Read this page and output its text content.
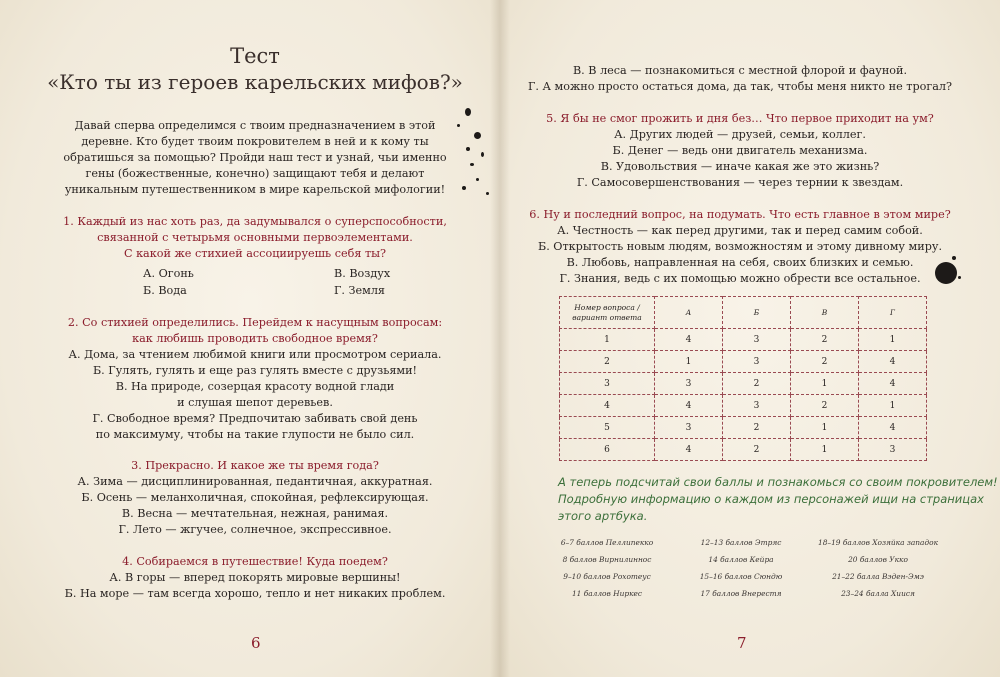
Тест
«Кто ты из героев карельских мифов?»
Давай сперва определимся с твоим предназначением в этой
деревне. Кто будет твоим покровителем в ней и к кому ты
обратишься за помощью? Пройди наш тест и узнай, чьи именно
гены (божественные, конечно) защищают тебя и делают
уникальным путешественником в мире карельской мифологии!
1. Каждый из нас хоть раз, да задумывался о суперспособности,
связанной с четырьмя основными первоэлементами.
С какой же стихией ассоциируешь себя ты?
А. Огонь	В. Воздух
Б. Вода	Г. Земля
2. Со стихией определились. Перейдем к насущным вопросам:
как любишь проводить свободное время?
А. Дома, за чтением любимой книги или просмотром сериала.
Б. Гулять, гулять и еще раз гулять вместе с друзьями!
В. На природе, созерцая красоту водной глади
и слушая шепот деревьев.
Г. Свободное время? Предпочитаю забивать свой день
по максимуму, чтобы на такие глупости не было сил.
3. Прекрасно. И какое же ты время года?
А. Зима — дисциплинированная, педантичная, аккуратная.
Б. Осень — меланхоличная, спокойная, рефлексирующая.
В. Весна — мечтательная, нежная, ранимая.
Г. Лето — жгучее, солнечное, экспрессивное.
4. Собираемся в путешествие! Куда поедем?
А. В горы — вперед покорять мировые вершины!
Б. На море — там всегда хорошо, тепло и нет никаких проблем.
6
В. В леса — познакомиться с местной флорой и фауной.
Г. А можно просто остаться дома, да так, чтобы меня никто не трогал?
5. Я бы не смог прожить и дня без… Что первое приходит на ум?
А. Других людей — друзей, семьи, коллег.
Б. Денег — ведь они двигатель механизма.
В. Удовольствия — иначе какая же это жизнь?
Г. Самосовершенствования — через тернии к звездам.
6. Ну и последний вопрос, на подумать. Что есть главное в этом мире?
А. Честность — как перед другими, так и перед самим собой.
Б. Открытость новым людям, возможностям и этому дивному миру.
В. Любовь, направленная на себя, своих близких и семью.
Г. Знания, ведь с их помощью можно обрести все остальное.
Номер вопроса /
вариант ответа	А	Б	В	Г
1	4	3	2	1
2	1	3	2	4
3	3	2	1	4
4	4	3	2	1
5	3	2	1	4
6	4	2	1	3
А теперь подсчитай свои баллы и познакомься со своим покровителем!
Подробную информацию о каждом из персонажей ищи на страницах
этого артбука.
6–7 баллов Пеллипекко	12–13 баллов Этряс	18–19 баллов Хозяйка западок
8 баллов Вирнилиннос	14 баллов Кейра	20 баллов Укко
9–10 баллов Рохотеус	15–16 баллов Сюндю	21–22 балла Вэден-Эмэ
11 баллов Ниркес	17 баллов Внерестя	23–24 балла Хиися
7
